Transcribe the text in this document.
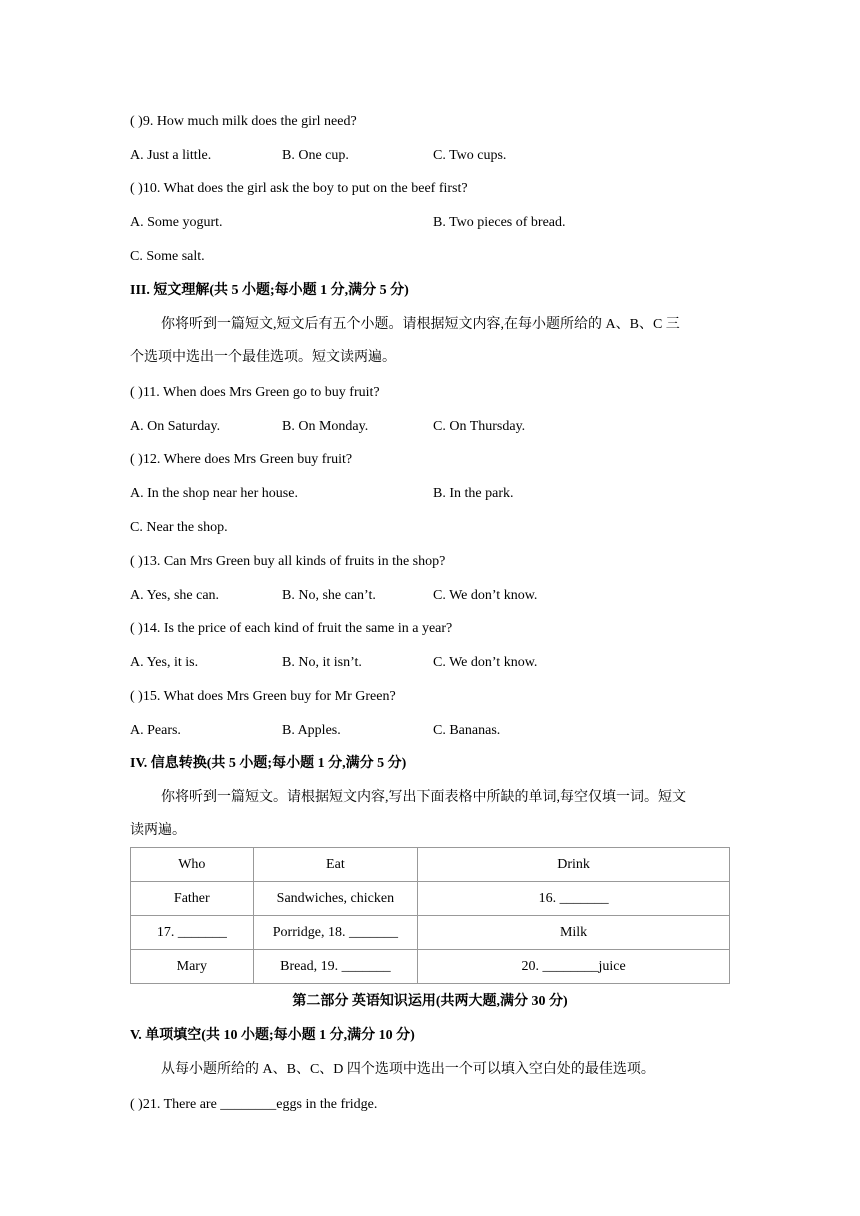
( )9. How much milk does the girl need?
A. Just a little.	B. One cup.	C. Two cups.
( )10. What does the girl ask the boy to put on the beef first?
A. Some yogurt.	B. Two pieces of bread.
C. Some salt.
III. 短文理解(共 5 小题;每小题 1 分,满分 5 分)
你将听到一篇短文,短文后有五个小题。请根据短文内容,在每小题所给的 A、B、C 三
个选项中选出一个最佳选项。短文读两遍。
( )11. When does Mrs Green go to buy fruit?
A. On Saturday.	B. On Monday.	C. On Thursday.
( )12. Where does Mrs Green buy fruit?
A. In the shop near her house.	B. In the park.
C. Near the shop.
( )13. Can Mrs Green buy all kinds of fruits in the shop?
A. Yes, she can.	B. No, she can’t.	C. We don’t know.
( )14. Is the price of each kind of fruit the same in a year?
A. Yes, it is.	B. No, it isn’t.	C. We don’t know.
( )15. What does Mrs Green buy for Mr Green?
A. Pears.	B. Apples.	C. Bananas.
IV. 信息转换(共 5 小题;每小题 1 分,满分 5 分)
你将听到一篇短文。请根据短文内容,写出下面表格中所缺的单词,每空仅填一词。短文
读两遍。
Who	Eat	Drink
Father	Sandwiches, chicken	16. _______
17. _______	Porridge, 18. _______	Milk
Mary	Bread, 19. _______	20. ________juice
第二部分 英语知识运用(共两大题,满分 30 分)
V. 单项填空(共 10 小题;每小题 1 分,满分 10 分)
从每小题所给的 A、B、C、D 四个选项中选出一个可以填入空白处的最佳选项。
( )21. There are ________eggs in the fridge.
